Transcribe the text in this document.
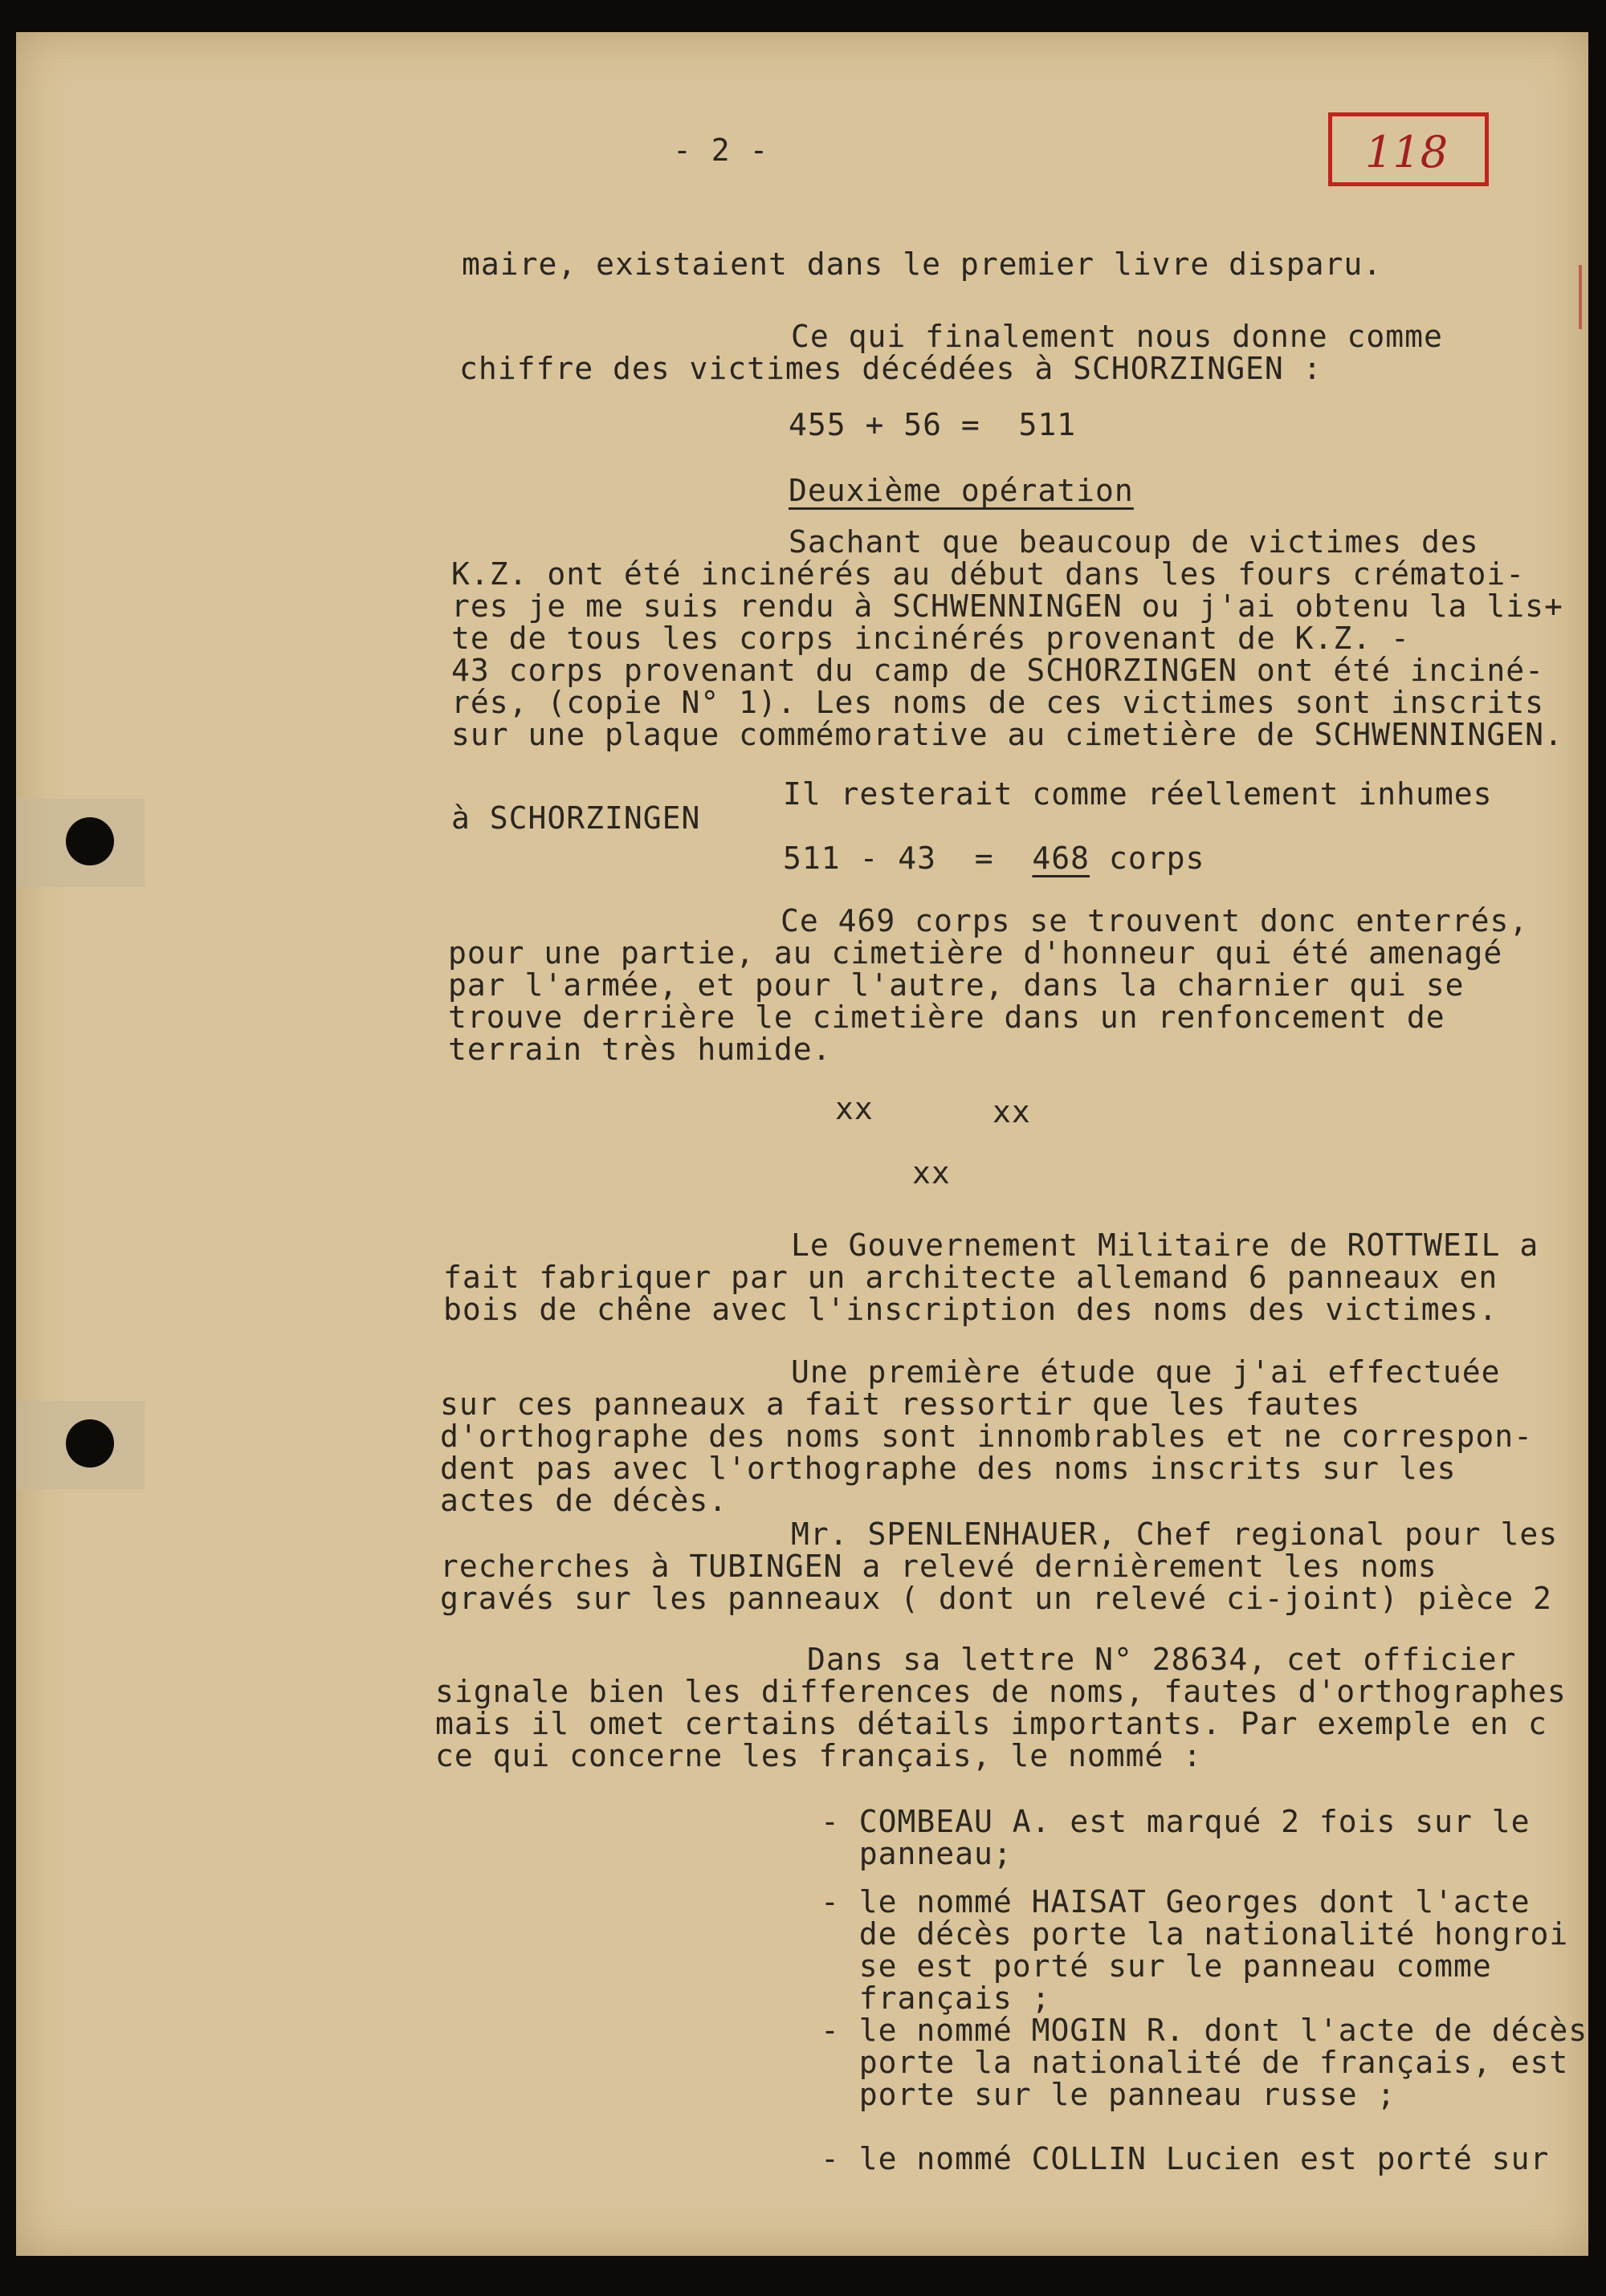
118
- 2 -
maire, existaient dans le premier livre disparu.
Ce qui finalement nous donne comme
chiffre des victimes décédées à SCHORZINGEN :
455 + 56 =  511
Deuxième opération
Sachant que beaucoup de victimes des
K.Z. ont été incinérés au début dans les fours crématoi-
res je me suis rendu à SCHWENNINGEN ou j'ai obtenu la lis+
te de tous les corps incinérés provenant de K.Z. -
43 corps provenant du camp de SCHORZINGEN ont été inciné-
rés, (copie N° 1). Les noms de ces victimes sont inscrits
sur une plaque commémorative au cimetière de SCHWENNINGEN.
Il resterait comme réellement inhumes
à SCHORZINGEN
511 - 43  =  468 corps
Ce 469 corps se trouvent donc enterrés,
pour une partie, au cimetière d'honneur qui été amenagé
par l'armée, et pour l'autre, dans la charnier qui se
trouve derrière le cimetière dans un renfoncement de
terrain très humide.
xx	xx
xx
Le Gouvernement Militaire de ROTTWEIL a
fait fabriquer par un architecte allemand 6 panneaux en
bois de chêne avec l'inscription des noms des victimes.
Une première étude que j'ai effectuée
sur ces panneaux a fait ressortir que les fautes
d'orthographe des noms sont innombrables et ne correspon-
dent pas avec l'orthographe des noms inscrits sur les
actes de décès.
Mr. SPENLENHAUER, Chef regional pour les
recherches à TUBINGEN a relevé dernièrement les noms
gravés sur les panneaux ( dont un relevé ci-joint) pièce 2
Dans sa lettre N° 28634, cet officier
signale bien les differences de noms, fautes d'orthographes
mais il omet certains détails importants. Par exemple en c
ce qui concerne les français, le nommé :
- COMBEAU A. est marqué 2 fois sur le
panneau;
- le nommé HAISAT Georges dont l'acte
de décès porte la nationalité hongroi
se est porté sur le panneau comme
français ;
- le nommé MOGIN R. dont l'acte de décès
porte la nationalité de français, est
porte sur le panneau russe ;
- le nommé COLLIN Lucien est porté sur
